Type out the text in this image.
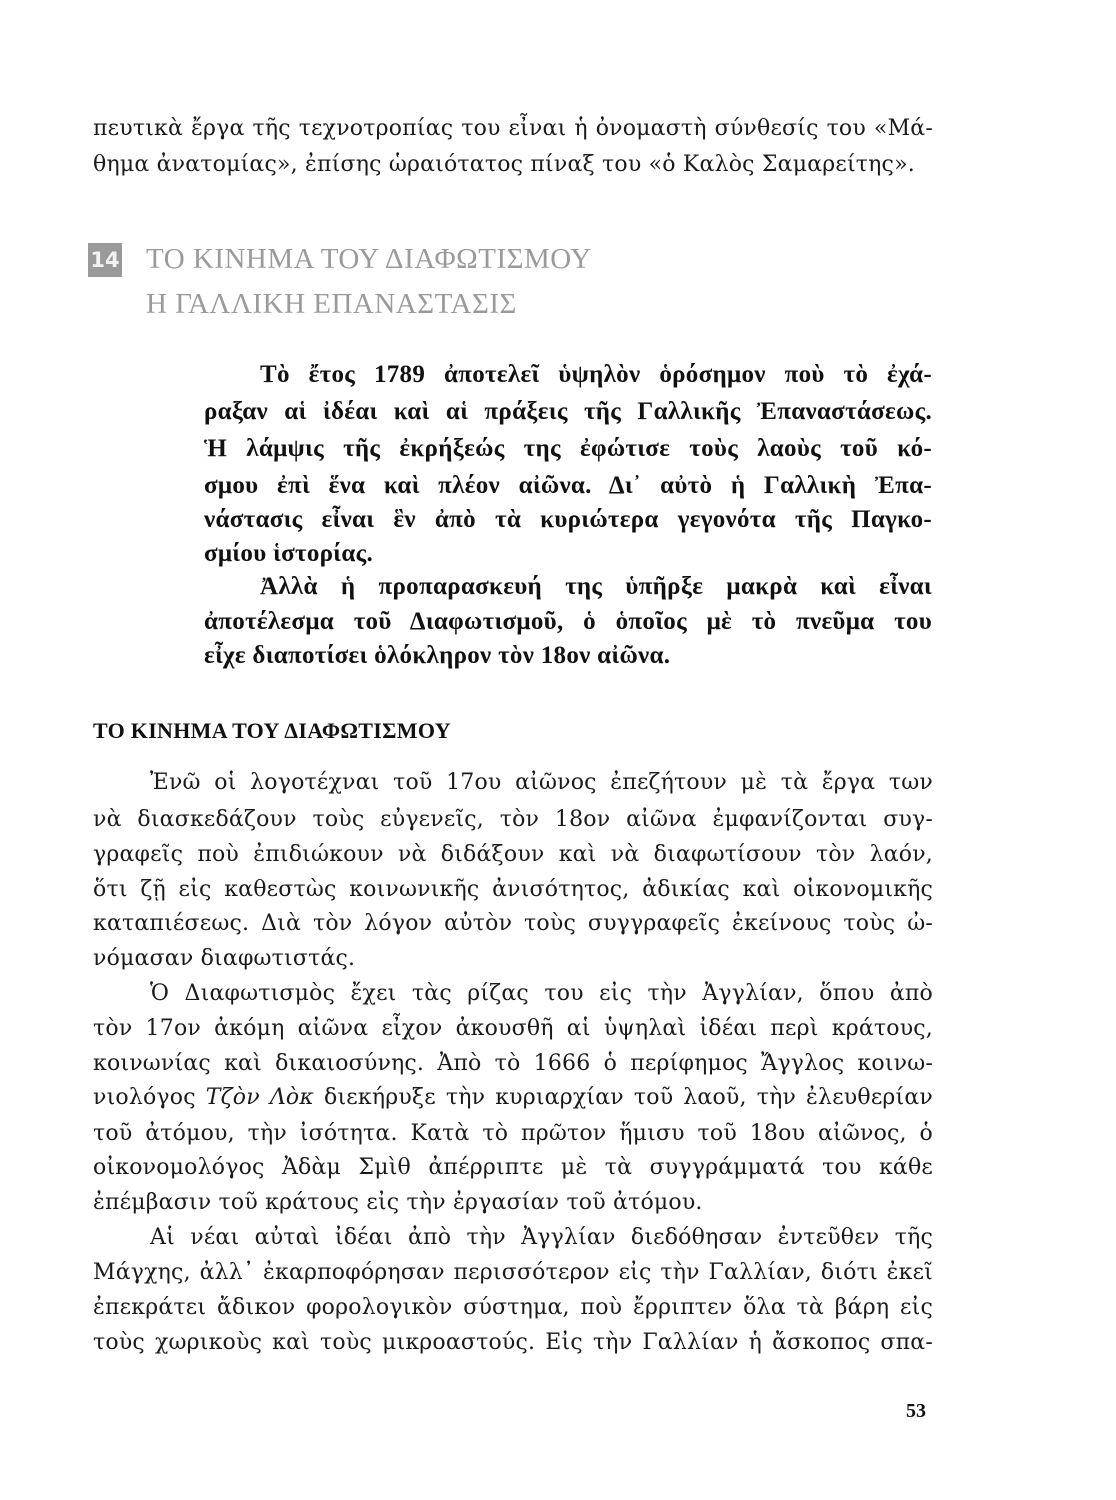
πευτικὰ ἔργα τῆς τεχνοτροπίας του εἶναι ἡ ὀνομαστὴ σύνθεσίς του «Μά-
θημα ἀνατομίας», ἐπίσης ὡραιότατος πίναξ του «ὁ Καλὸς Σαμαρείτης».
14 ΤΟ ΚΙΝΗΜΑ ΤΟΥ ΔΙΑΦΩΤΙΣΜΟΥ
Η ΓΑΛΛΙΚΗ ΕΠΑΝΑΣΤΑΣΙΣ
Τὸ ἔτος 1789 ἀποτελεῖ ὑψηλὸν ὁρόσημον ποὺ τὸ ἐχά-
ραξαν αἱ ἰδέαι καὶ αἱ πράξεις τῆς Γαλλικῆς Ἐπαναστάσεως.
Ἡ λάμψις τῆς ἐκρήξεώς της ἐφώτισε τοὺς λαοὺς τοῦ κό-
σμου ἐπὶ ἕνα καὶ πλέον αἰῶνα. Δι᾿ αὐτὸ ἡ Γαλλικὴ Ἐπα-
νάστασις εἶναι ἓν ἀπὸ τὰ κυριώτερα γεγονότα τῆς Παγκο-
σμίου ἱστορίας.
Ἀλλὰ ἡ προπαρασκευή της ὑπῆρξε μακρὰ καὶ εἶναι
ἀποτέλεσμα τοῦ Διαφωτισμοῦ, ὁ ὁποῖος μὲ τὸ πνεῦμα του
εἶχε διαποτίσει ὁλόκληρον τὸν 18ον αἰῶνα.
ΤΟ ΚΙΝΗΜΑ ΤΟΥ ΔΙΑΦΩΤΙΣΜΟΥ
Ἐνῶ οἱ λογοτέχναι τοῦ 17ου αἰῶνος ἐπεζήτουν μὲ τὰ ἔργα των
νὰ διασκεδάζουν τοὺς εὐγενεῖς, τὸν 18ον αἰῶνα ἐμφανίζονται συγ-
γραφεῖς ποὺ ἐπιδιώκουν νὰ διδάξουν καὶ νὰ διαφωτίσουν τὸν λαόν,
ὅτι ζῇ εἰς καθεστὼς κοινωνικῆς ἀνισότητος, ἀδικίας καὶ οἰκονομικῆς
καταπιέσεως. Διὰ τὸν λόγον αὐτὸν τοὺς συγγραφεῖς ἐκείνους τοὺς ὠ-
νόμασαν διαφωτιστάς.
Ὁ Διαφωτισμὸς ἔχει τὰς ρίζας του εἰς τὴν Ἀγγλίαν, ὅπου ἀπὸ
τὸν 17ον ἀκόμη αἰῶνα εἶχον ἀκουσθῆ αἱ ὑψηλαὶ ἰδέαι περὶ κράτους,
κοινωνίας καὶ δικαιοσύνης. Ἀπὸ τὸ 1666 ὁ περίφημος Ἄγγλος κοινω-
νιολόγος Τζὸν Λὸκ διεκήρυξε τὴν κυριαρχίαν τοῦ λαοῦ, τὴν ἐλευθερίαν
τοῦ ἀτόμου, τὴν ἰσότητα. Κατὰ τὸ πρῶτον ἥμισυ τοῦ 18ου αἰῶνος, ὁ
οἰκονομολόγος Ἀδὰμ Σμὶθ ἀπέρριπτε μὲ τὰ συγγράμματά του κάθε
ἐπέμβασιν τοῦ κράτους εἰς τὴν ἐργασίαν τοῦ ἀτόμου.
Αἱ νέαι αὐταὶ ἰδέαι ἀπὸ τὴν Ἀγγλίαν διεδόθησαν ἐντεῦθεν τῆς
Μάγχης, ἀλλ᾿ ἐκαρποφόρησαν περισσότερον εἰς τὴν Γαλλίαν, διότι ἐκεῖ
ἐπεκράτει ἄδικον φορολογικὸν σύστημα, ποὺ ἔρριπτεν ὅλα τὰ βάρη εἰς
τοὺς χωρικοὺς καὶ τοὺς μικροαστούς. Εἰς τὴν Γαλλίαν ἡ ἄσκοπος σπα-
53
